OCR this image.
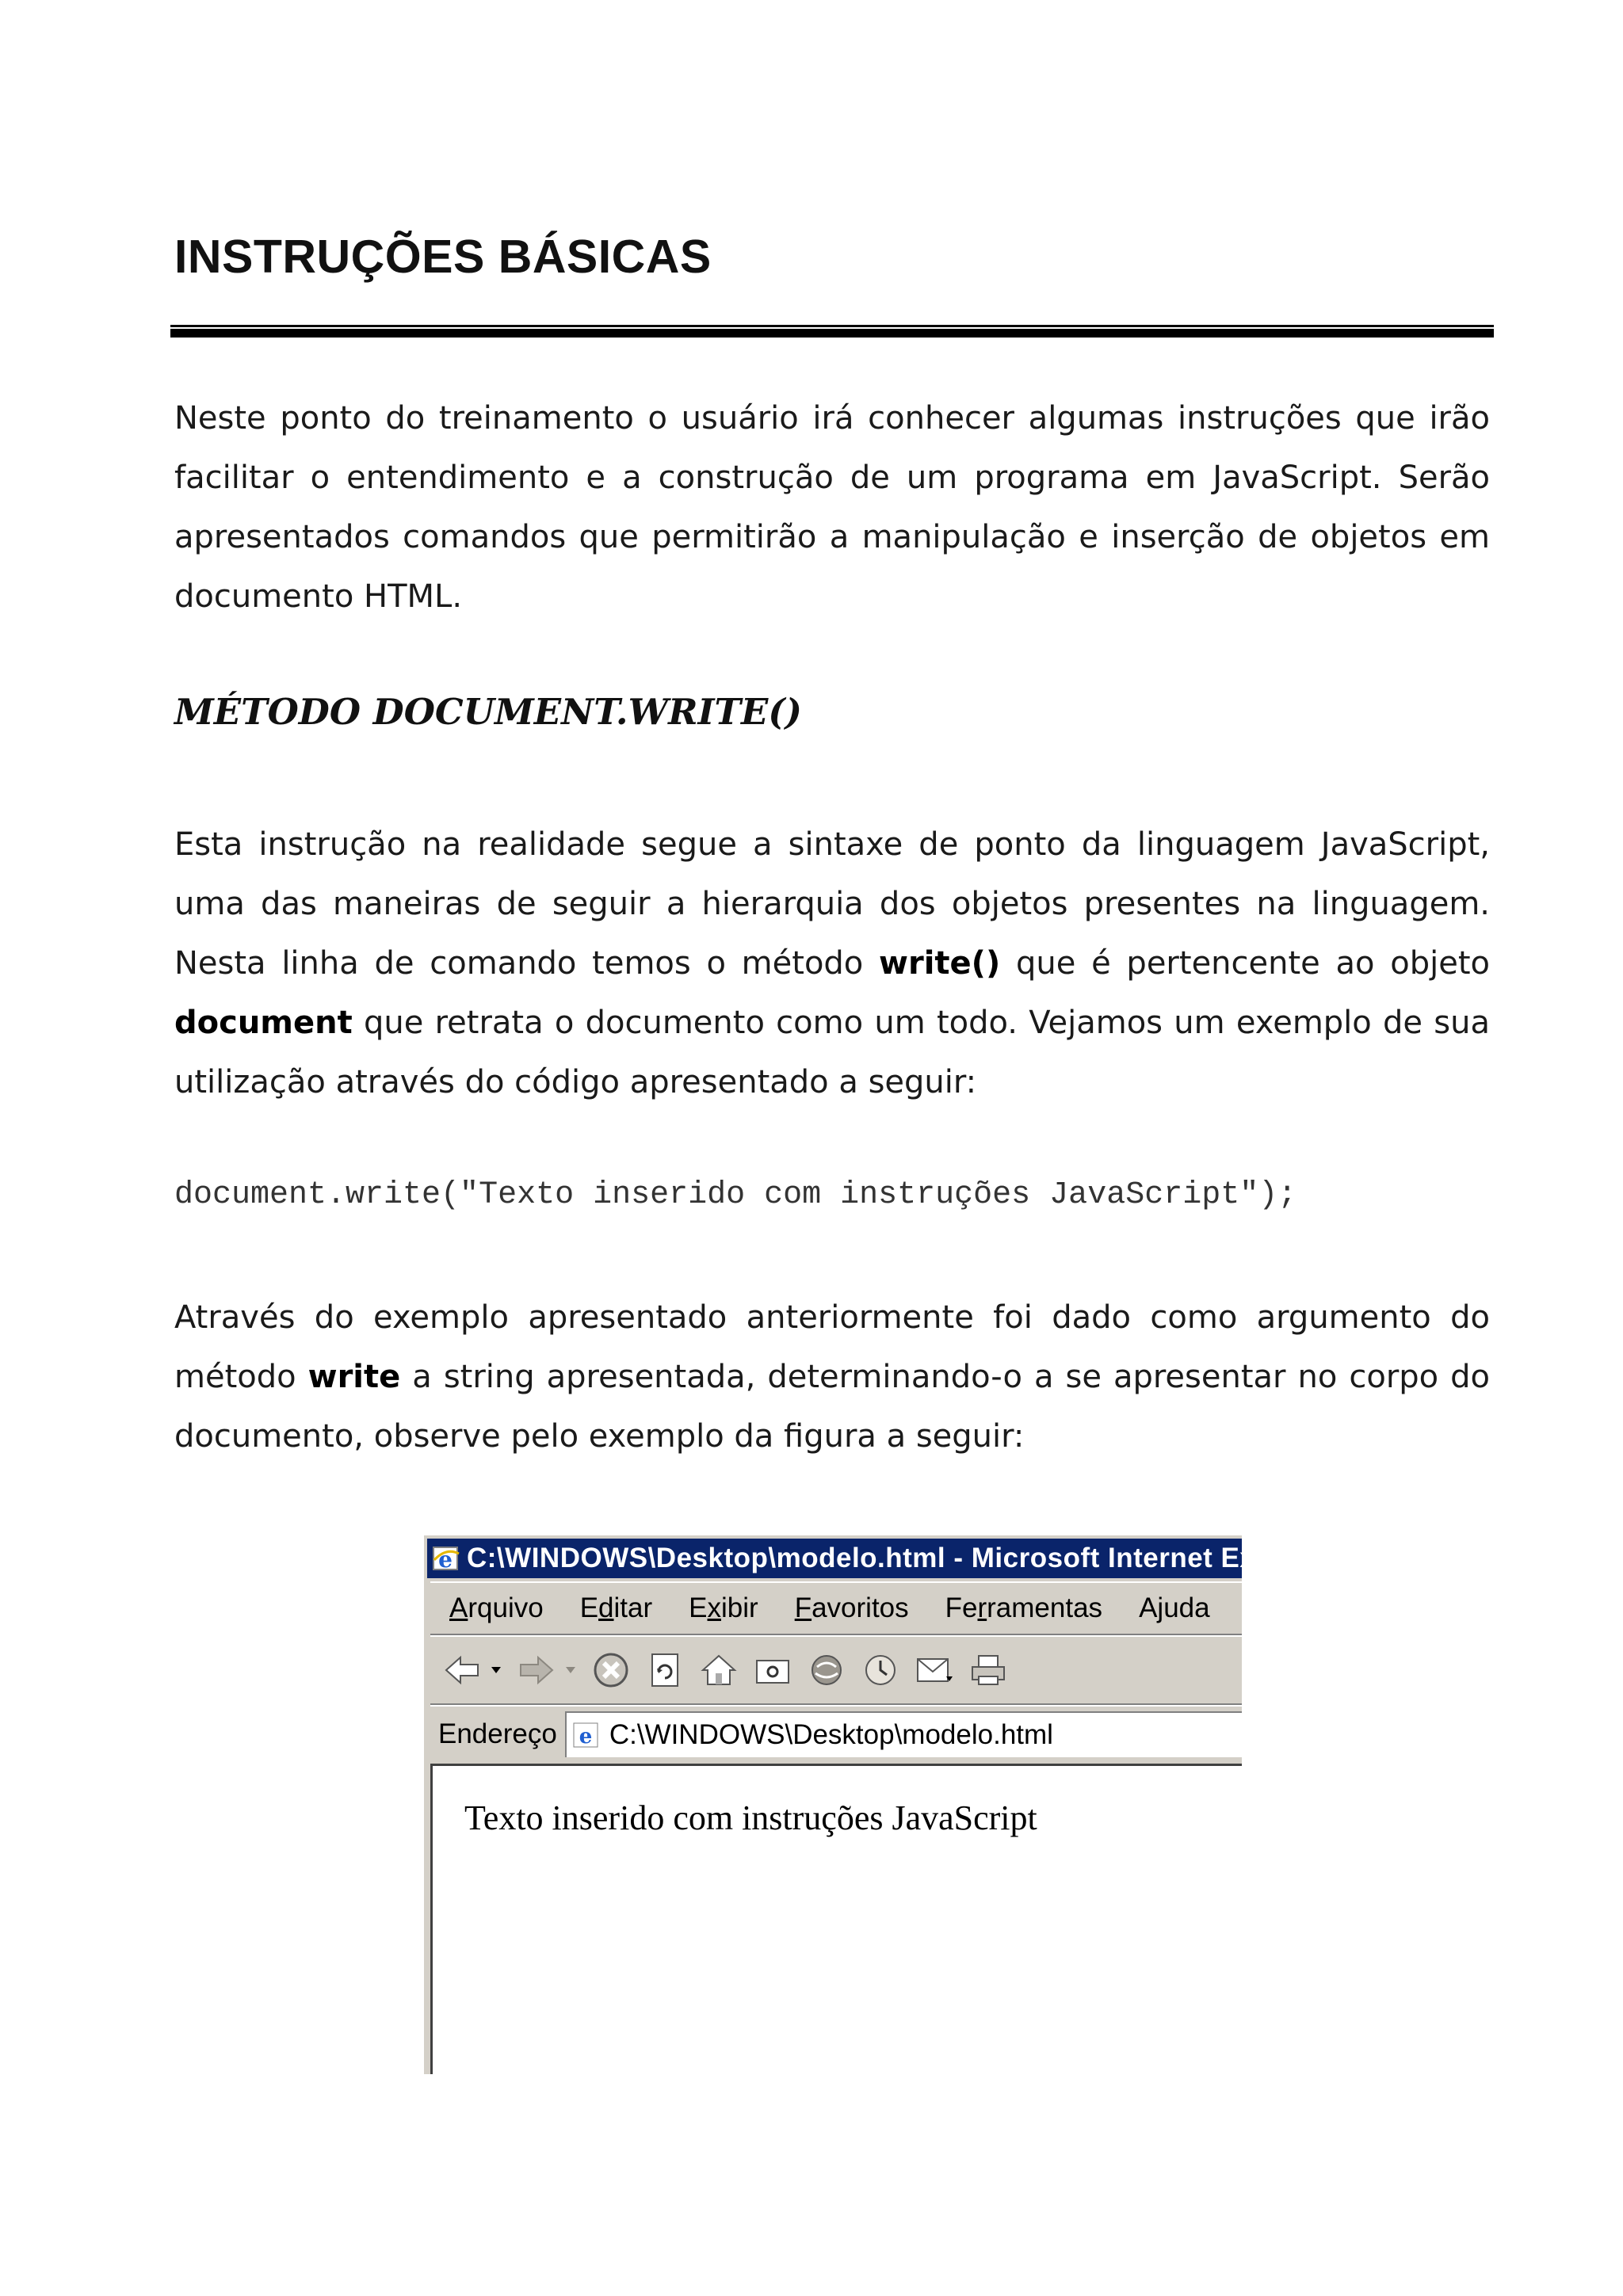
INSTRUÇÕES BÁSICAS

Neste ponto do treinamento o usuário irá conhecer algumas instruções que irão facilitar o entendimento e a construção de um programa em JavaScript. Serão apresentados comandos que permitirão a manipulação e inserção de objetos em documento HTML.

MÉTODO DOCUMENT.WRITE()

Esta instrução na realidade segue a sintaxe de ponto da linguagem JavaScript, uma das maneiras de seguir a hierarquia dos objetos presentes na linguagem. Nesta linha de comando temos o método write() que é pertencente ao objeto document que retrata o documento como um todo. Vejamos um exemplo de sua utilização através do código apresentado a seguir:

document.write("Texto inserido com instruções JavaScript");

Através do exemplo apresentado anteriormente foi dado como argumento do método write a string apresentada, determinando-o a se apresentar no corpo do documento, observe pelo exemplo da figura a seguir:

e C:\WINDOWS\Desktop\modelo.html - Microsoft Internet Explorer
Arquivo Editar Exibir Favoritos Ferramentas Ajuda
Endereço e C:\WINDOWS\Desktop\modelo.html

Texto inserido com instruções JavaScript
